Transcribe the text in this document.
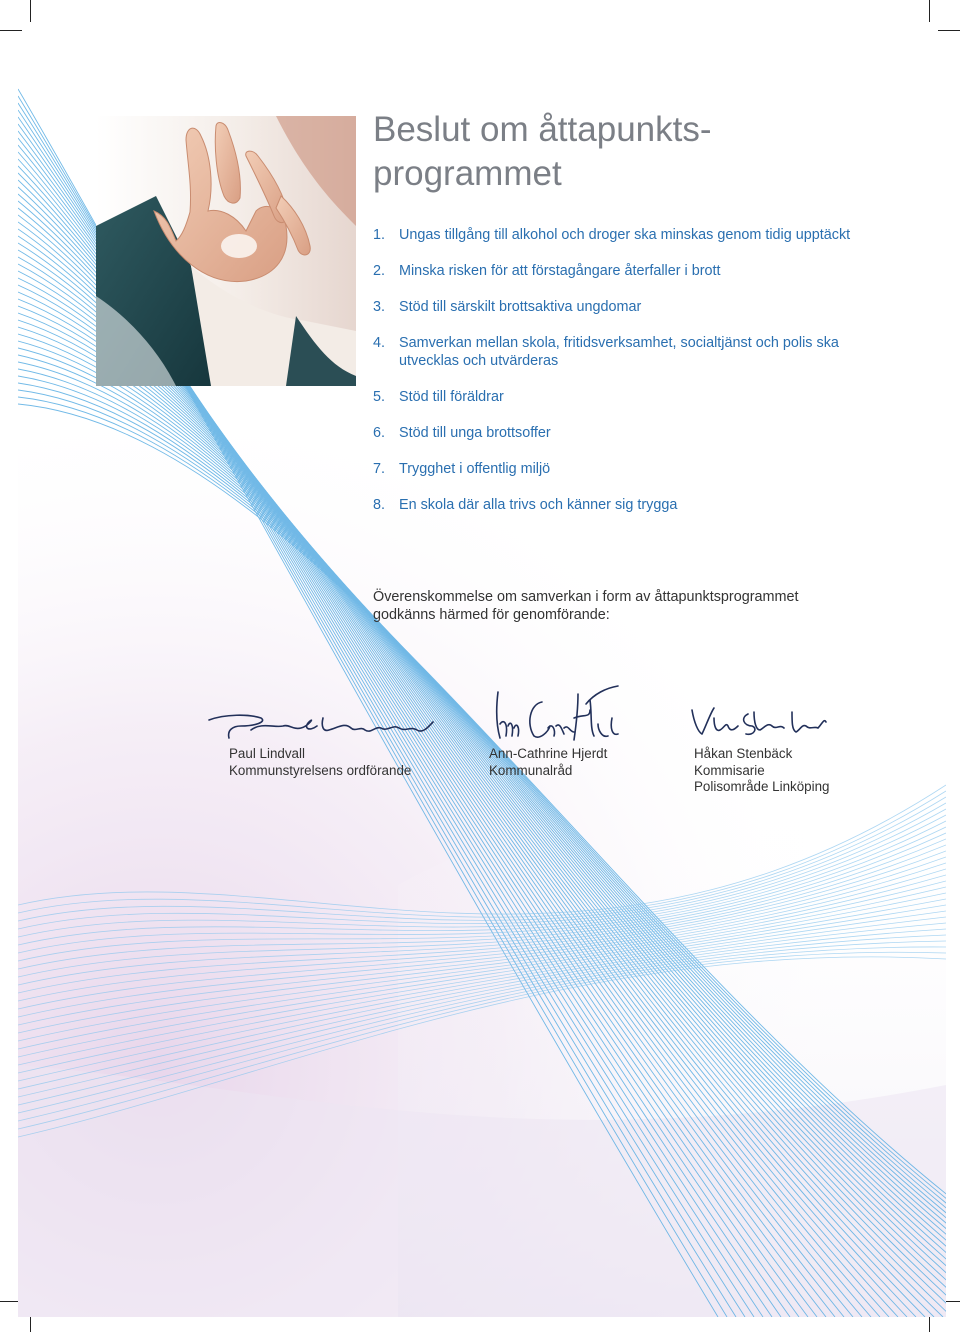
Beslut om åttapunkts-
programmet
1. Ungas tillgång till alkohol och droger ska minskas genom tidig upptäckt
2. Minska risken för att förstagångare återfaller i brott
3. Stöd till särskilt brottsaktiva ungdomar
4. Samverkan mellan skola, fritidsverksamhet, socialtjänst och polis ska utvecklas och utvärderas
5. Stöd till föräldrar
6. Stöd till unga brottsoffer
7. Trygghet i offentlig miljö
8. En skola där alla trivs och känner sig trygga

Överenskommelse om samverkan i form av åttapunktsprogrammet godkänns härmed för genomförande:

Paul Lindvall
Kommunstyrelsens ordförande
Ann-Cathrine Hjerdt
Kommunalråd
Håkan Stenbäck
Kommisarie
Polisområde Linköping
